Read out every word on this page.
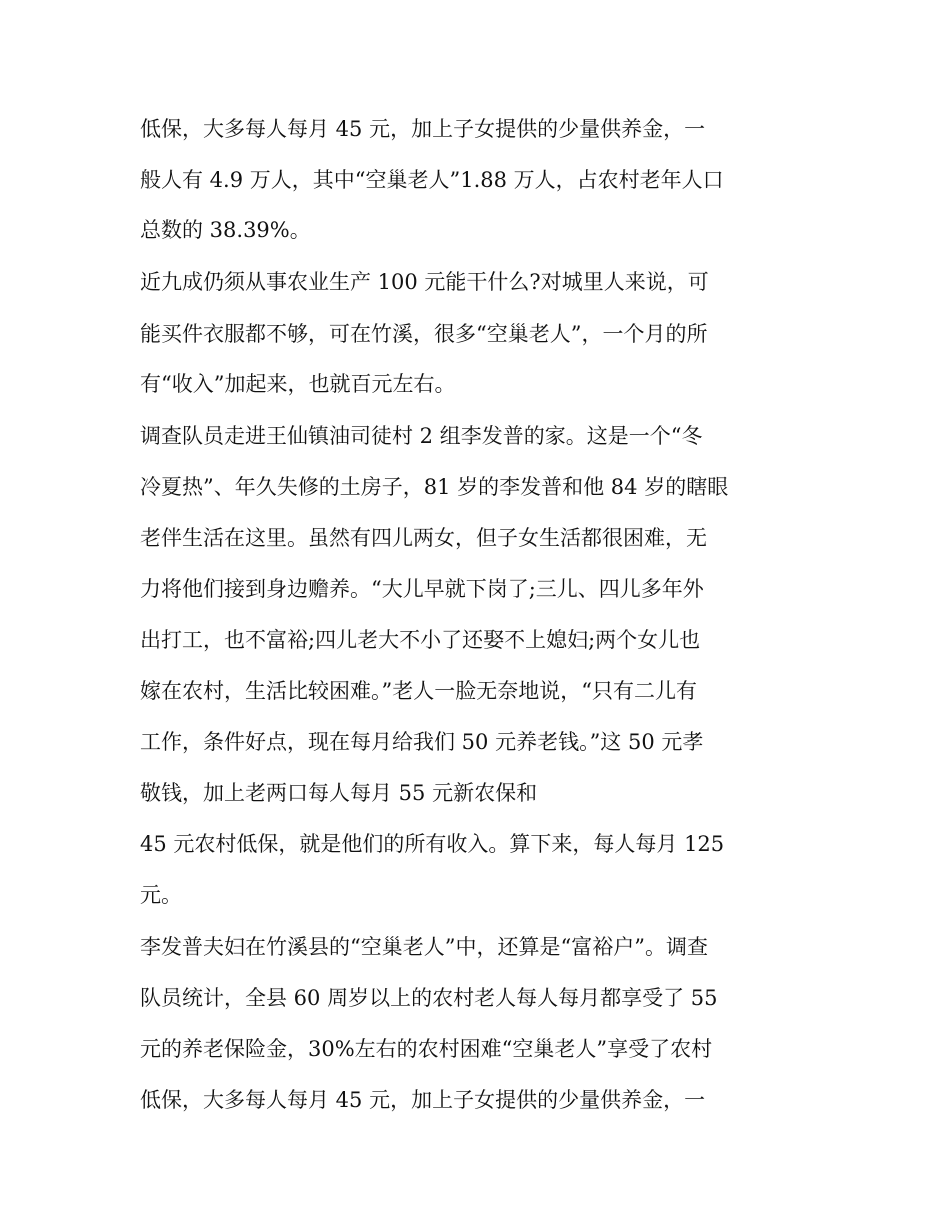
低保，大多每人每月 45 元，加上子女提供的少量供养金，一
般人有 4.9 万人，其中“空巢老人”1.88 万人，占农村老年人口
总数的 38.39%。
近九成仍须从事农业生产 100 元能干什么?对城里人来说，可
能买件衣服都不够，可在竹溪，很多“空巢老人”，一个月的所
有“收入”加起来，也就百元左右。
调查队员走进王仙镇油司徒村 2 组李发普的家。这是一个“冬
冷夏热”、年久失修的土房子，81 岁的李发普和他 84 岁的瞎眼
老伴生活在这里。虽然有四儿两女，但子女生活都很困难，无
力将他们接到身边赡养。“大儿早就下岗了;三儿、四儿多年外
出打工，也不富裕;四儿老大不小了还娶不上媳妇;两个女儿也
嫁在农村，生活比较困难。”老人一脸无奈地说，“只有二儿有
工作，条件好点，现在每月给我们 50 元养老钱。”这 50 元孝
敬钱，加上老两口每人每月 55 元新农保和
45 元农村低保，就是他们的所有收入。算下来，每人每月 125
元。
李发普夫妇在竹溪县的“空巢老人”中，还算是“富裕户”。调查
队员统计，全县 60 周岁以上的农村老人每人每月都享受了 55
元的养老保险金，30%左右的农村困难“空巢老人”享受了农村
低保，大多每人每月 45 元，加上子女提供的少量供养金，一
